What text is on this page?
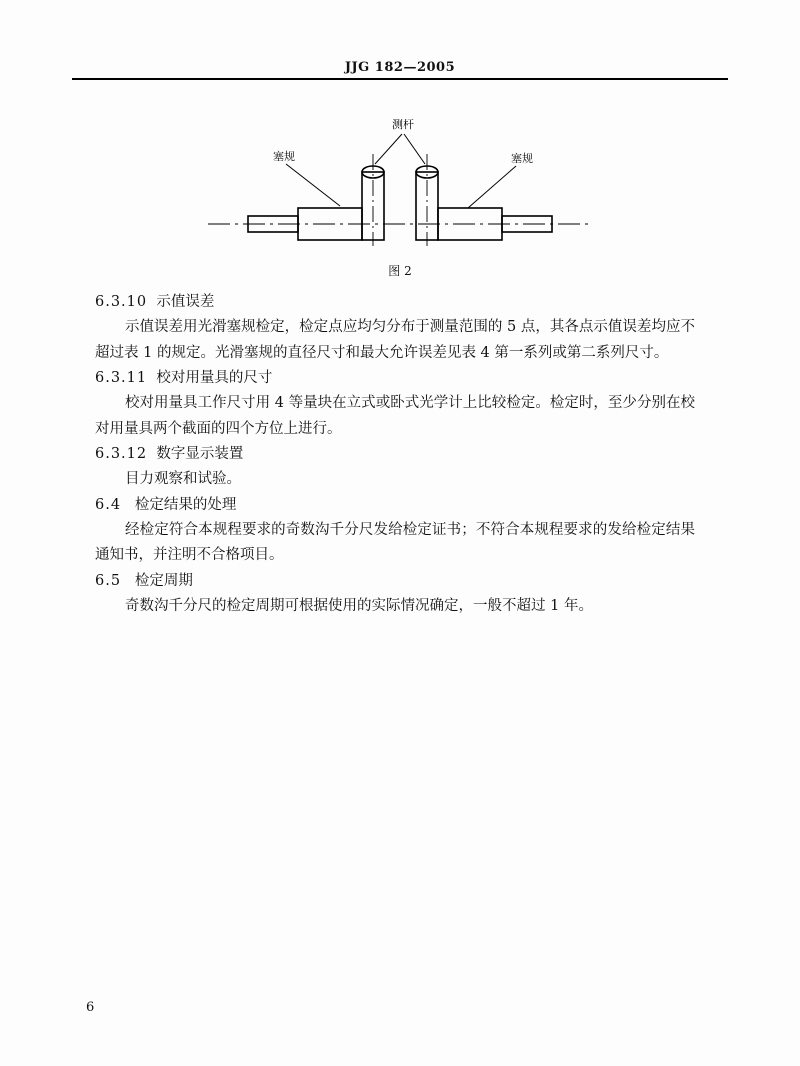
JJG 182—2005
测杆
塞规	塞规
图 2

6.3.10 示值误差

示值误差用光滑塞规检定，检定点应均匀分布于测量范围的 5 点，其各点示值误差均应不超过表 1 的规定。光滑塞规的直径尺寸和最大允许误差见表 4 第一系列或第二系列尺寸。

6.3.11 校对用量具的尺寸

校对用量具工作尺寸用 4 等量块在立式或卧式光学计上比较检定。检定时，至少分别在校对用量具两个截面的四个方位上进行。

6.3.12 数字显示装置

目力观察和试验。

6.4 检定结果的处理

经检定符合本规程要求的奇数沟千分尺发给检定证书；不符合本规程要求的发给检定结果通知书，并注明不合格项目。

6.5 检定周期

奇数沟千分尺的检定周期可根据使用的实际情况确定，一般不超过 1 年。

6
